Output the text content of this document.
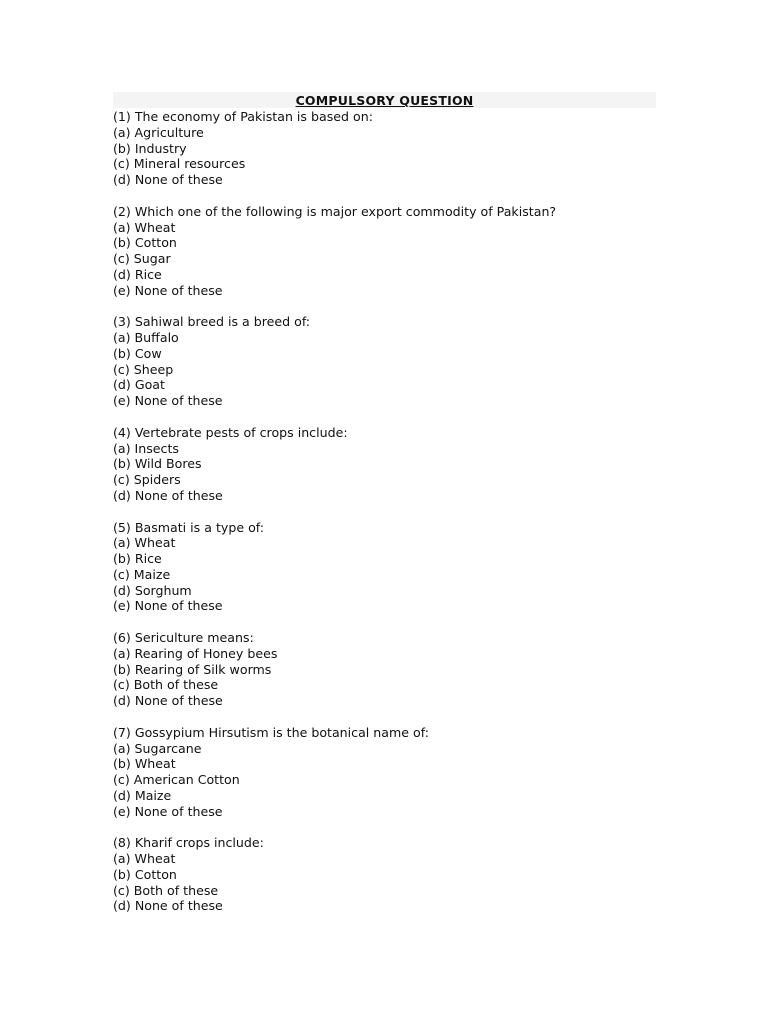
COMPULSORY QUESTION
(1) The economy of Pakistan is based on:
(a) Agriculture
(b) Industry
(c) Mineral resources
(d) None of these
(2) Which one of the following is major export commodity of Pakistan?
(a) Wheat
(b) Cotton
(c) Sugar
(d) Rice
(e) None of these
(3) Sahiwal breed is a breed of:
(a) Buffalo
(b) Cow
(c) Sheep
(d) Goat
(e) None of these
(4) Vertebrate pests of crops include:
(a) Insects
(b) Wild Bores
(c) Spiders
(d) None of these
(5) Basmati is a type of:
(a) Wheat
(b) Rice
(c) Maize
(d) Sorghum
(e) None of these
(6) Sericulture means:
(a) Rearing of Honey bees
(b) Rearing of Silk worms
(c) Both of these
(d) None of these
(7) Gossypium Hirsutism is the botanical name of:
(a) Sugarcane
(b) Wheat
(c) American Cotton
(d) Maize
(e) None of these
(8) Kharif crops include:
(a) Wheat
(b) Cotton
(c) Both of these
(d) None of these
